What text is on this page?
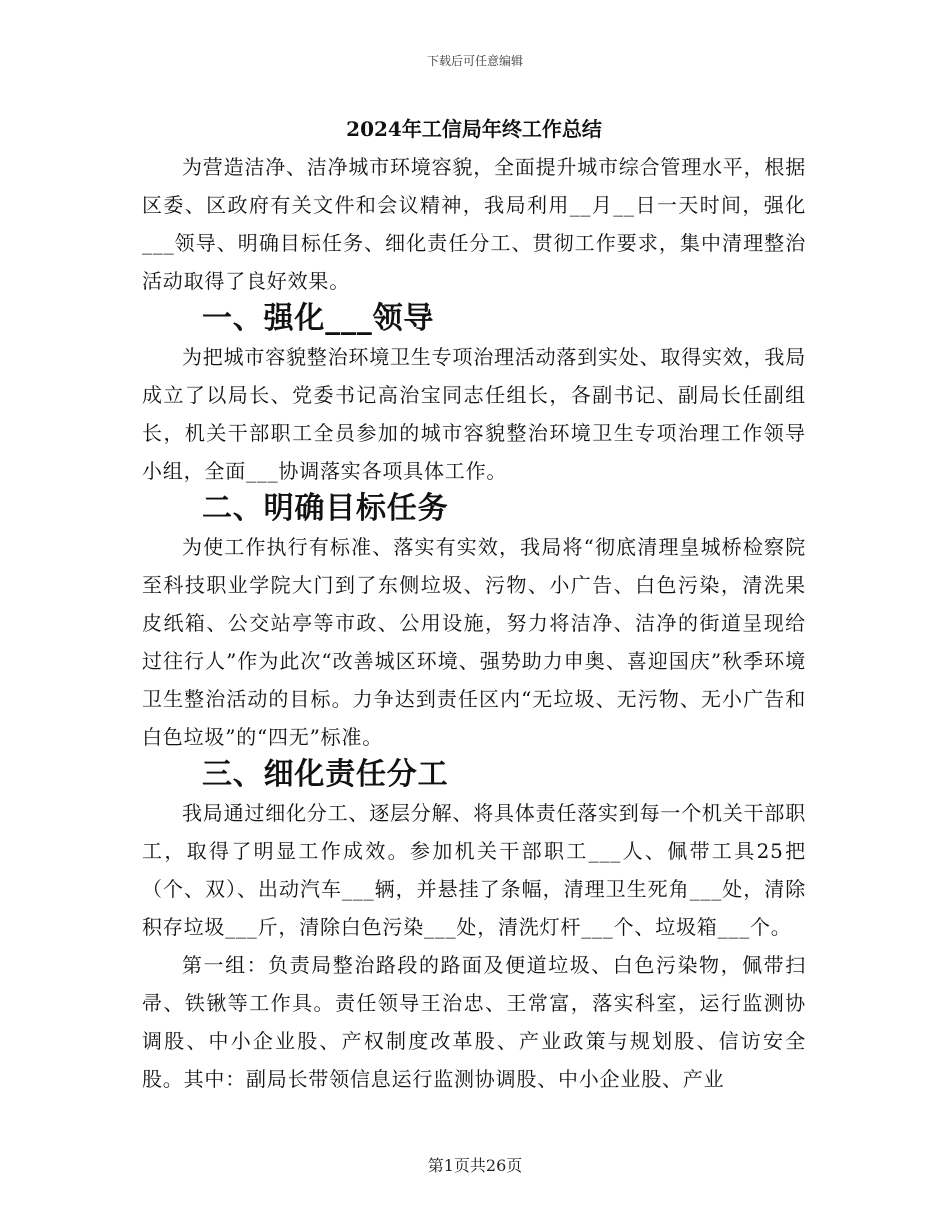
下载后可任意编辑
2024年工信局年终工作总结

为营造洁净、洁净城市环境容貌，全面提升城市综合管理水平，根据区委、区政府有关文件和会议精神，我局利用__月__日一天时间，强化___领导、明确目标任务、细化责任分工、贯彻工作要求，集中清理整治活动取得了良好效果。

一、强化___领导

为把城市容貌整治环境卫生专项治理活动落到实处、取得实效，我局成立了以局长、党委书记高治宝同志任组长，各副书记、副局长任副组长，机关干部职工全员参加的城市容貌整治环境卫生专项治理工作领导小组，全面___协调落实各项具体工作。

二、明确目标任务

为使工作执行有标准、落实有实效，我局将“彻底清理皇城桥检察院至科技职业学院大门到了东侧垃圾、污物、小广告、白色污染，清洗果皮纸箱、公交站亭等市政、公用设施，努力将洁净、洁净的街道呈现给过往行人”作为此次“改善城区环境、强势助力申奥、喜迎国庆”秋季环境卫生整治活动的目标。力争达到责任区内“无垃圾、无污物、无小广告和白色垃圾”的“四无”标准。

三、细化责任分工

我局通过细化分工、逐层分解、将具体责任落实到每一个机关干部职工，取得了明显工作成效。参加机关干部职工___人、佩带工具25把（个、双）、出动汽车___辆，并悬挂了条幅，清理卫生死角___处，清除积存垃圾___斤，清除白色污染___处，清洗灯杆___个、垃圾箱___个。

第一组：负责局整治路段的路面及便道垃圾、白色污染物，佩带扫帚、铁锹等工作具。责任领导王治忠、王常富，落实科室，运行监测协调股、中小企业股、产权制度改革股、产业政策与规划股、信访安全股。其中：副局长带领信息运行监测协调股、中小企业股、产业

第1页共26页
